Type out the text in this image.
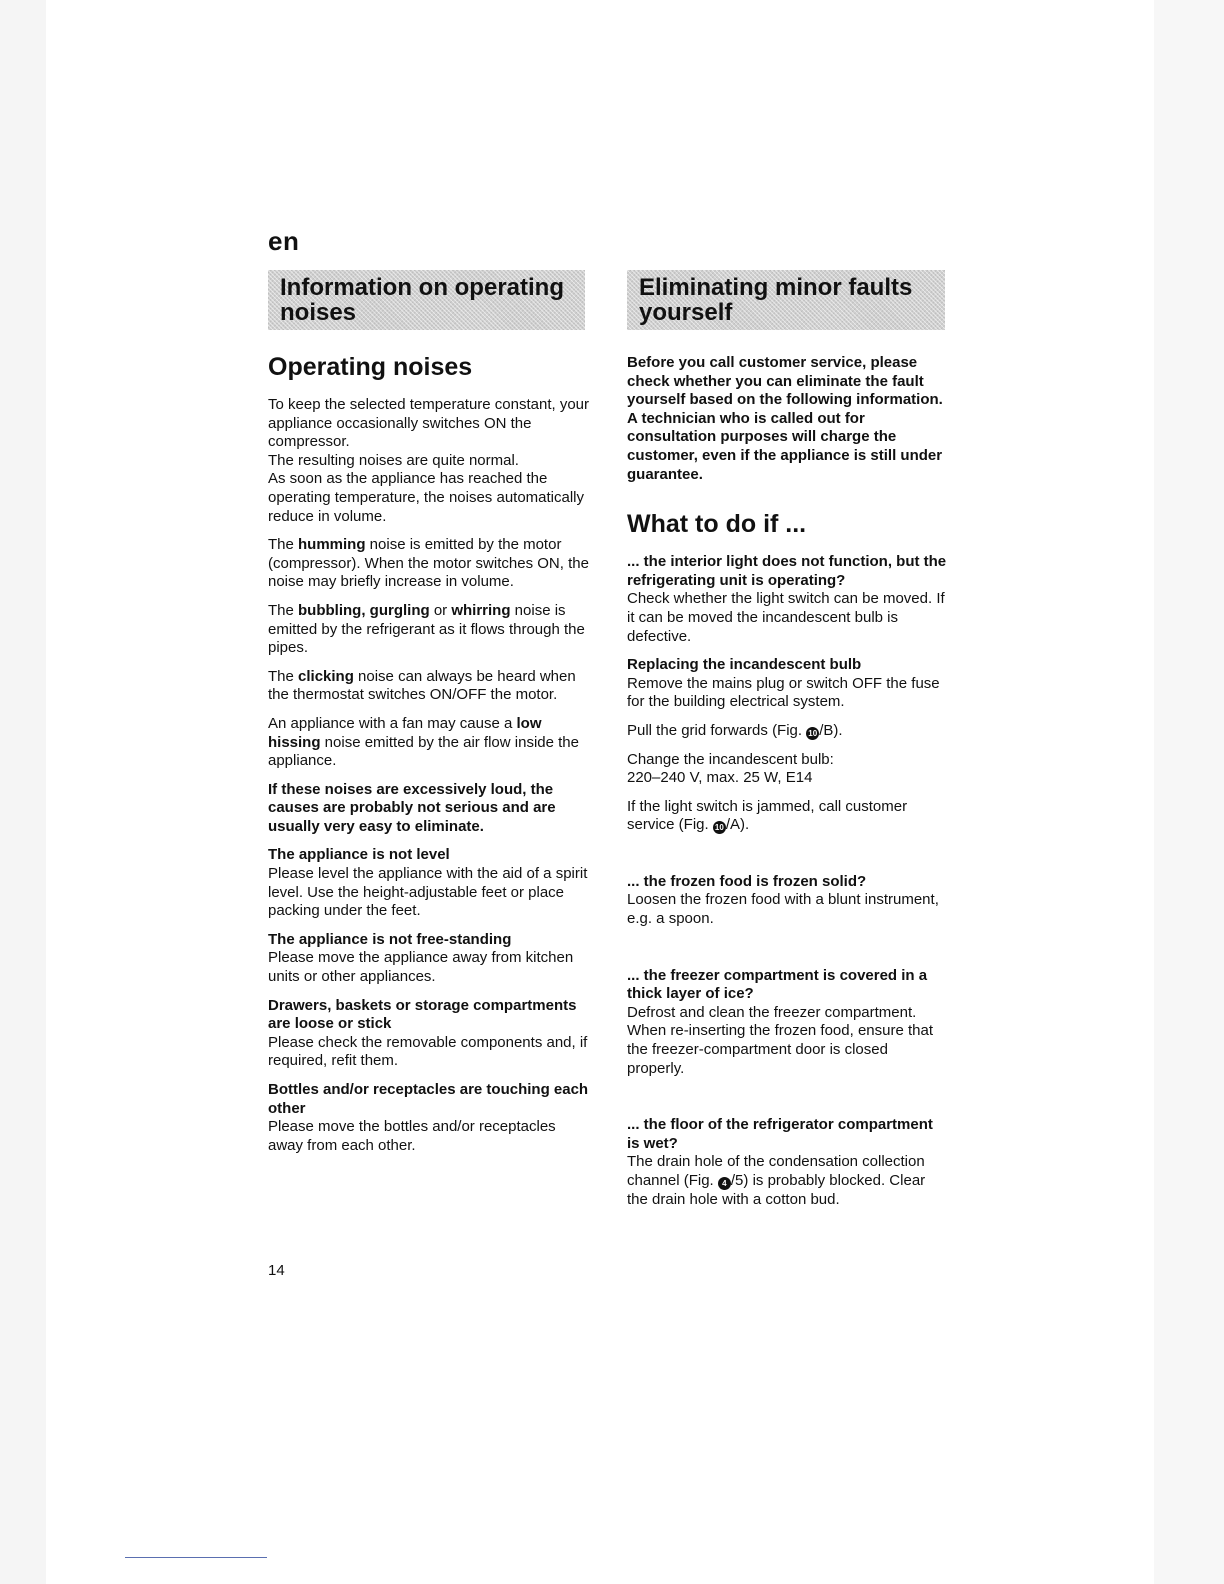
en
Information on operating noises
Eliminating minor faults yourself
Operating noises
To keep the selected temperature constant, your appliance occasionally switches ON the compressor.
The resulting noises are quite normal.
As soon as the appliance has reached the operating temperature, the noises automatically reduce in volume.

The humming noise is emitted by the motor (compressor). When the motor switches ON, the noise may briefly increase in volume.

The bubbling, gurgling or whirring noise is emitted by the refrigerant as it flows through the pipes.

The clicking noise can always be heard when the thermostat switches ON/OFF the motor.

An appliance with a fan may cause a low hissing noise emitted by the air flow inside the appliance.

If these noises are excessively loud, the causes are probably not serious and are usually very easy to eliminate.

The appliance is not level
Please level the appliance with the aid of a spirit level. Use the height-adjustable feet or place packing under the feet.

The appliance is not free-standing
Please move the appliance away from kitchen units or other appliances.

Drawers, baskets or storage compartments are loose or stick
Please check the removable components and, if required, refit them.

Bottles and/or receptacles are touching each other
Please move the bottles and/or receptacles away from each other.

Before you call customer service, please check whether you can eliminate the fault yourself based on the following information.
A technician who is called out for consultation purposes will charge the customer, even if the appliance is still under guarantee.
What to do if ...

... the interior light does not function, but the refrigerating unit is operating?
Check whether the light switch can be moved. If it can be moved the incandescent bulb is defective.

Replacing the incandescent bulb
Remove the mains plug or switch OFF the fuse for the building electrical system.

Pull the grid forwards (Fig. 10 /B).

Change the incandescent bulb:
220–240 V, max. 25 W, E14

If the light switch is jammed, call customer service (Fig. 10 /A).

... the frozen food is frozen solid?
Loosen the frozen food with a blunt instrument, e.g. a spoon.

... the freezer compartment is covered in a thick layer of ice?
Defrost and clean the freezer compartment. When re-inserting the frozen food, ensure that the freezer-compartment door is closed properly.

... the floor of the refrigerator compartment is wet?
The drain hole of the condensation collection channel (Fig. 4 /5) is probably blocked. Clear the drain hole with a cotton bud.

14
